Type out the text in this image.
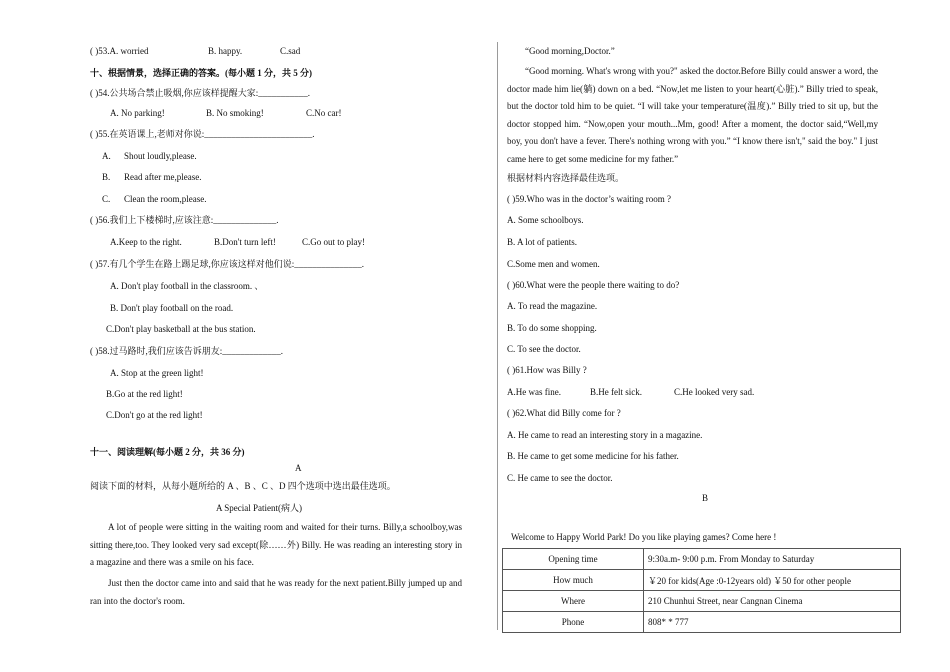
( )53.A. worried	B. happy.	C.sad
十、根据情景，选择正确的答案。(每小题 1 分，共 5 分)
( )54.公共场合禁止吸烟,你应该样提醒大家:___________.
A. No parking!	B. No smoking!	C.No car!
( )55.在英语课上,老师对你说:________________________.
A. Shout loudly,please.
B. Read after me,please.
C. Clean the room,please.
( )56.我们上下楼梯时,应该注意:______________.
A.Keep to the right.	B.Don't turn left!	C.Go out to play!
( )57.有几个学生在路上踢足球,你应该这样对他们说:_______________.
A. Don't play football in the classroom. 、
B. Don't play football on the road.
C.Don't play basketball at the bus station.
( )58.过马路时,我们应该告诉朋友:_____________.
A. Stop at the green light!
B.Go at the red light!
C.Don't go at the red light!
十一、阅读理解(每小题 2 分，共 36 分)
A
阅读下面的材料，从每小题所给的 A 、B 、C 、D 四个选项中选出最佳选项。
A Special Patient(病人)
A lot of people were sitting in the waiting room and waited for their turns. Billy,a schoolboy,was sitting there,too. They looked very sad except(除……外) Billy. He was reading an interesting story in a magazine and there was a smile on his face.
Just then the doctor came into and said that he was ready for the next patient.Billy jumped up and ran into the doctor's room.
“Good morning,Doctor.”
“Good morning. What's wrong with you?" asked the doctor.Before Billy could answer a word, the doctor made him lie(躺) down on a bed. “Now,let me listen to your heart(心脏).” Billy tried to speak, but the doctor told him to be quiet. “I will take your temperature(温度).” Billy tried to sit up, but the doctor stopped him. “Now,open your mouth...Mm, good! After a moment, the doctor said,“Well,my boy, you don't have a fever. There's nothing wrong with you.” “I know there isn't," said the boy." I just came here to get some medicine for my father.”
根据材料内容选择最佳选项。
( )59.Who was in the doctor’s waiting room ?
A. Some schoolboys.
B. A lot of patients.
C.Some men and women.
( )60.What were the people there waiting to do?
A. To read the magazine.
B. To do some shopping.
C. To see the doctor.
( )61.How was Billy ?
A.He was fine.	B.He felt sick.	C.He looked very sad.
( )62.What did Billy come for ?
A. He came to read an interesting story in a magazine.
B. He came to get some medicine for his father.
C. He came to see the doctor.
B
Welcome to Happy World Park! Do you like playing games? Come here !
Opening time	9:30a.m- 9:00 p.m. From Monday to Saturday
How much	￥20 for kids(Age :0-12years old) ￥50 for other people
Where	210 Chunhui Street, near Cangnan Cinema
Phone	808* * 777
